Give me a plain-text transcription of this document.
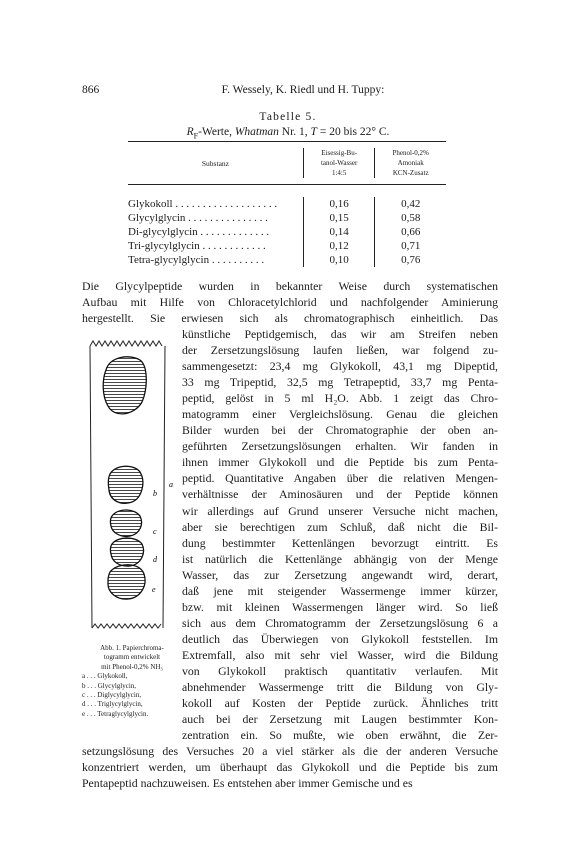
866	F. Wessely, K. Riedl und H. Tuppy:
Tabelle 5.
$R_F$-Werte, Whatman Nr. 1, T = 20 bis 22° C.
Substanz
Eisessig-Bu-
tanol-Wasser
1:4:5
Phenol-0,2%
Amoniak
KCN-Zusatz
Glykokoll . . . . . . . . . . . . . . . . . . .
Glycylglycin . . . . . . . . . . . . . . .
Di-glycylglycin . . . . . . . . . . . . .
Tri-glycylglycin . . . . . . . . . . . .
Tetra-glycylglycin . . . . . . . . . .
0,16
0,15
0,14
0,12
0,10
0,42
0,58
0,66
0,71
0,76
Die Glycylpeptide wurden in bekannter Weise durch systematischen
Aufbau mit Hilfe von Chloracetylchlorid und nachfolgender Aminierung
hergestellt. Sie erwiesen sich als chromatographisch einheitlich. Das
künstliche Peptidgemisch, das wir am Streifen neben
der Zersetzungslösung laufen ließen, war folgend zu-
sammengesetzt: 23,4 mg Glykokoll, 43,1 mg Dipeptid,
33 mg Tripeptid, 32,5 mg Tetrapeptid, 33,7 mg Penta-
peptid, gelöst in 5 ml H₂O. Abb. 1 zeigt das Chro-
matogramm einer Vergleichslösung. Genau die gleichen
Bilder wurden bei der Chromatographie der oben an-
geführten Zersetzungslösungen erhalten. Wir fanden in
ihnen immer Glykokoll und die Peptide bis zum Penta-
peptid. Quantitative Angaben über die relativen Mengen-
verhältnisse der Aminosäuren und der Peptide können
wir allerdings auf Grund unserer Versuche nicht machen,
aber sie berechtigen zum Schluß, daß nicht die Bil-
dung bestimmter Kettenlängen bevorzugt eintritt. Es
ist natürlich die Kettenlänge abhängig von der Menge
Wasser, das zur Zersetzung angewandt wird, derart,
daß jene mit steigender Wassermenge immer kürzer,
bzw. mit kleinen Wassermengen länger wird. So ließ
sich aus dem Chromatogramm der Zersetzungslösung 6 a
deutlich das Überwiegen von Glykokoll feststellen. Im
Extremfall, also mit sehr viel Wasser, wird die Bildung
von Glykokoll praktisch quantitativ verlaufen. Mit
abnehmender Wassermenge tritt die Bildung von Gly-
kokoll auf Kosten der Peptide zurück. Ähnliches tritt
auch bei der Zersetzung mit Laugen bestimmter Kon-
zentration ein. So mußte, wie oben erwähnt, die Zer-
setzungslösung des Versuches 20 a viel stärker als die der anderen Versuche
konzentriert werden, um überhaupt das Glykokoll und die Peptide bis zum
Pentapeptid nachzuweisen. Es entstehen aber immer Gemische und es
a
b
c
d
e
Abb. 1. Papierchroma-
togramm entwickelt
mit Phenol-0,2% NH₃
a . . . Glykokoll,
b . . . Glycylglycin,
c . . . Diglycylglycin,
d . . . Triglycylglycin,
e . . . Tetraglycylglycin.
